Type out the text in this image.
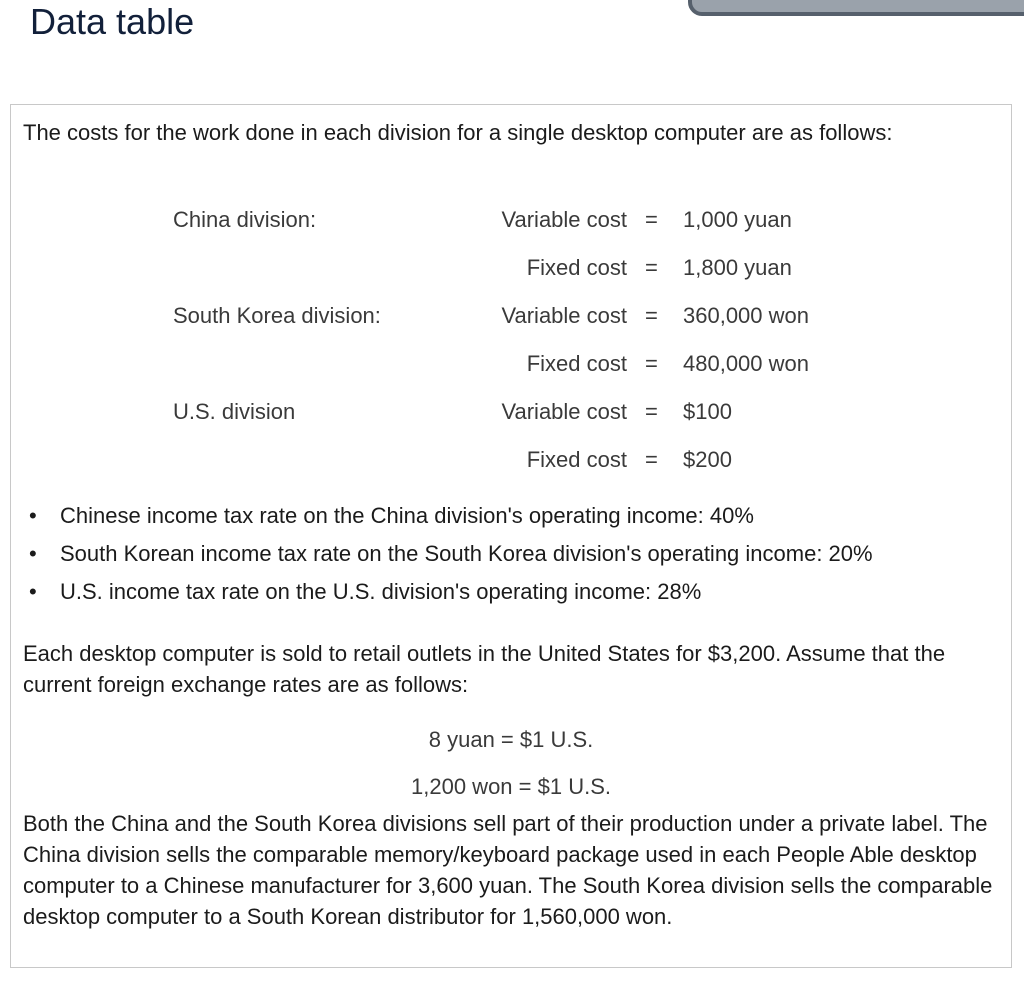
Data table
The costs for the work done in each division for a single desktop computer are as follows:
China division:	Variable cost = 1,000 yuan
Fixed cost = 1,800 yuan
South Korea division:	Variable cost = 360,000 won
Fixed cost = 480,000 won
U.S. division	Variable cost = $100
Fixed cost = $200
• Chinese income tax rate on the China division's operating income: 40%
• South Korean income tax rate on the South Korea division's operating income: 20%
• U.S. income tax rate on the U.S. division's operating income: 28%
Each desktop computer is sold to retail outlets in the United States for $3,200. Assume that the current foreign exchange rates are as follows:
8 yuan = $1 U.S.
1,200 won = $1 U.S.
Both the China and the South Korea divisions sell part of their production under a private label. The China division sells the comparable memory/keyboard package used in each People Able desktop computer to a Chinese manufacturer for 3,600 yuan. The South Korea division sells the comparable desktop computer to a South Korean distributor for 1,560,000 won.
